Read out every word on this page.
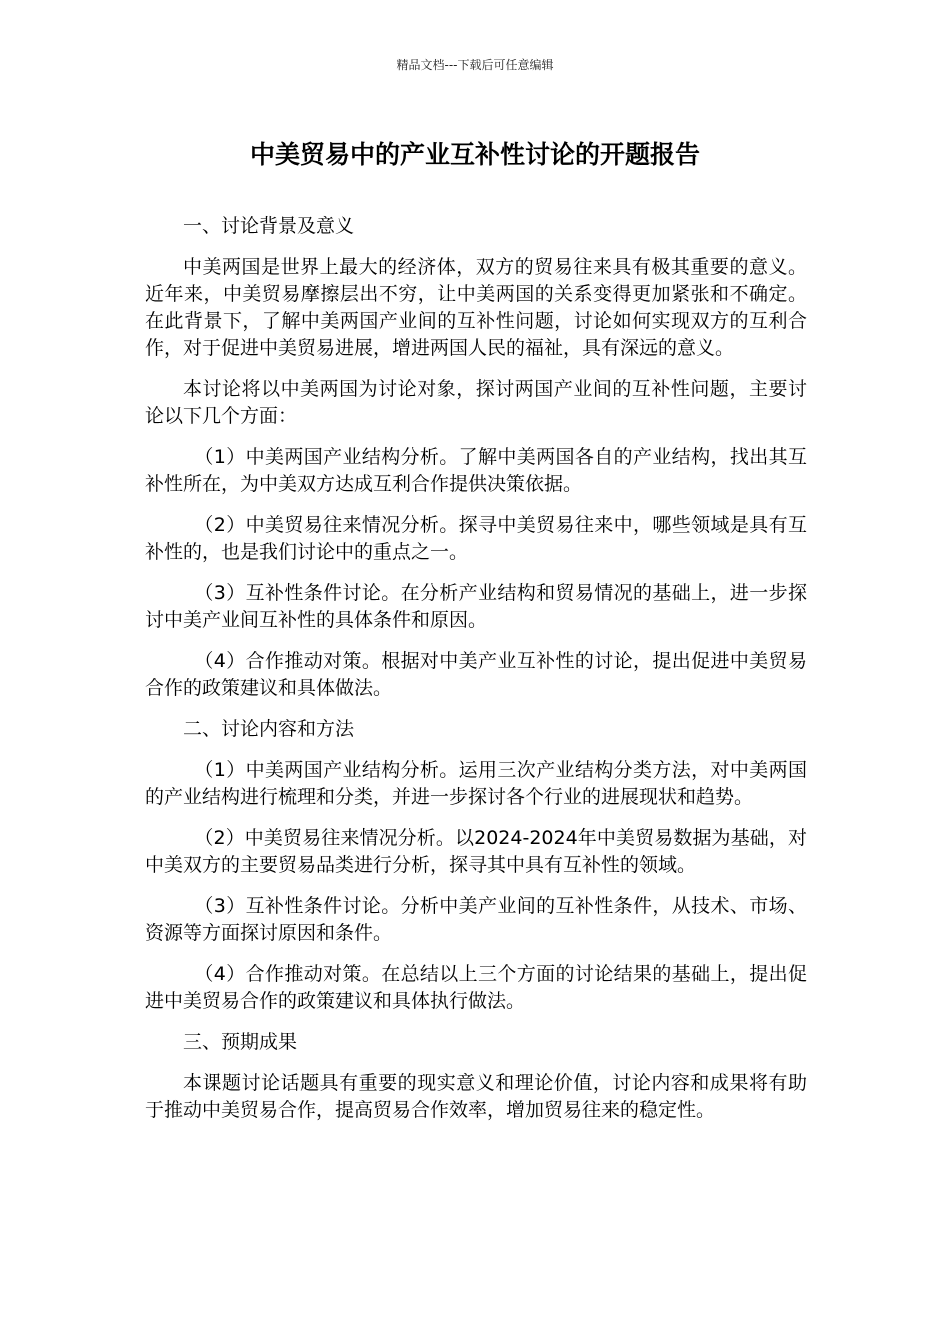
精品文档---下载后可任意编辑
中美贸易中的产业互补性讨论的开题报告

一、讨论背景及意义

中美两国是世界上最大的经济体，双方的贸易往来具有极其重要的意义。近年来，中美贸易摩擦层出不穷，让中美两国的关系变得更加紧张和不确定。在此背景下，了解中美两国产业间的互补性问题，讨论如何实现双方的互利合作，对于促进中美贸易进展，增进两国人民的福祉，具有深远的意义。

本讨论将以中美两国为讨论对象，探讨两国产业间的互补性问题，主要讨论以下几个方面：

（1）中美两国产业结构分析。了解中美两国各自的产业结构，找出其互补性所在，为中美双方达成互利合作提供决策依据。

（2）中美贸易往来情况分析。探寻中美贸易往来中，哪些领域是具有互补性的，也是我们讨论中的重点之一。

（3）互补性条件讨论。在分析产业结构和贸易情况的基础上，进一步探讨中美产业间互补性的具体条件和原因。

（4）合作推动对策。根据对中美产业互补性的讨论，提出促进中美贸易合作的政策建议和具体做法。

二、讨论内容和方法

（1）中美两国产业结构分析。运用三次产业结构分类方法，对中美两国的产业结构进行梳理和分类，并进一步探讨各个行业的进展现状和趋势。

（2）中美贸易往来情况分析。以2024-2024年中美贸易数据为基础，对中美双方的主要贸易品类进行分析，探寻其中具有互补性的领域。

（3）互补性条件讨论。分析中美产业间的互补性条件，从技术、市场、资源等方面探讨原因和条件。

（4）合作推动对策。在总结以上三个方面的讨论结果的基础上，提出促进中美贸易合作的政策建议和具体执行做法。

三、预期成果

本课题讨论话题具有重要的现实意义和理论价值，讨论内容和成果将有助于推动中美贸易合作，提高贸易合作效率，增加贸易往来的稳定性。
